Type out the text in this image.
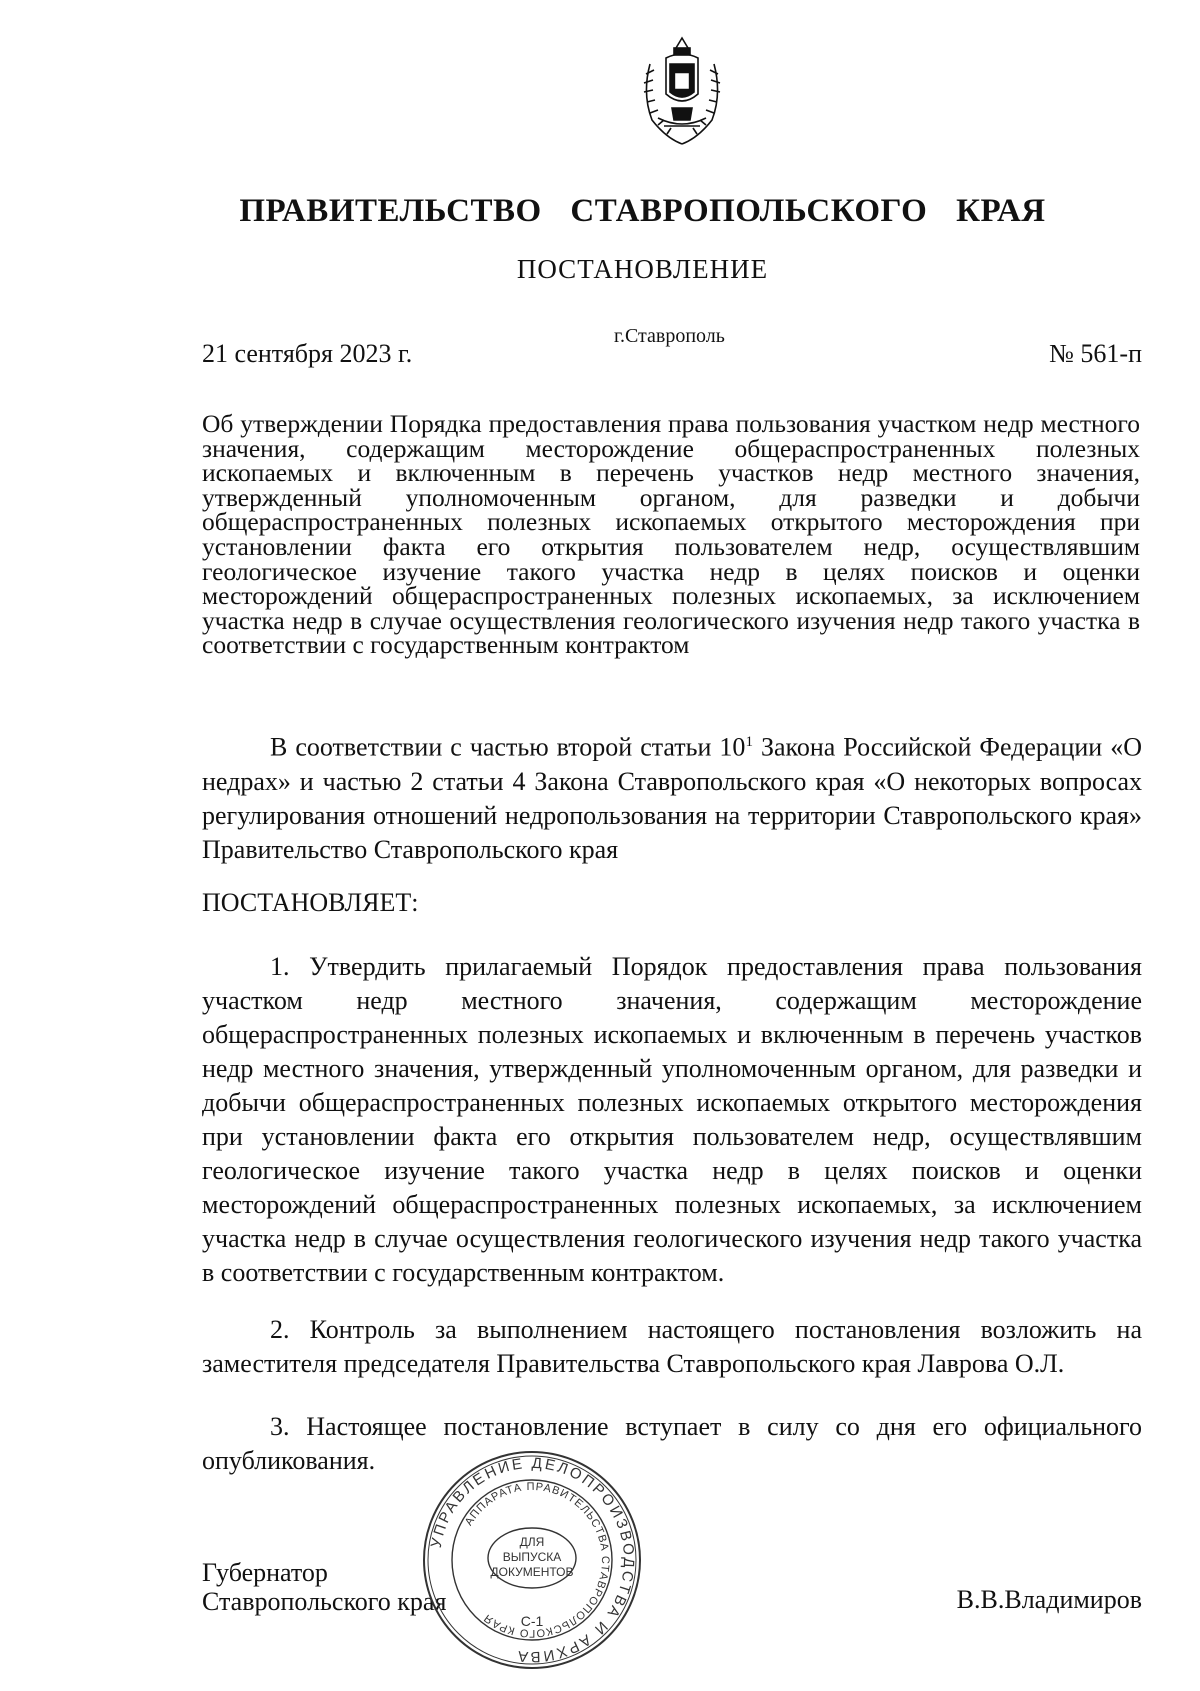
ПРАВИТЕЛЬСТВО СТАВРОПОЛЬСКОГО КРАЯ
ПОСТАНОВЛЕНИЕ
21 сентября 2023 г.
г.Ставрополь
№ 561-п
Об утверждении Порядка предоставления права пользования участком недр местного значения, содержащим месторождение общераспространенных полезных ископаемых и включенным в перечень участков недр местного значения, утвержденный уполномоченным органом, для разведки и добычи общераспространенных полезных ископаемых открытого месторождения при установлении факта его открытия пользователем недр, осуществлявшим геологическое изучение такого участка недр в целях поисков и оценки месторождений общераспространенных полезных ископаемых, за исключением участка недр в случае осуществления геологического изучения недр такого участка в соответствии с государственным контрактом
В соответствии с частью второй статьи $10^1$ Закона Российской Федерации «О недрах» и частью 2 статьи 4 Закона Ставропольского края «О некоторых вопросах регулирования отношений недропользования на территории Ставропольского края» Правительство Ставропольского края
ПОСТАНОВЛЯЕТ:
1. Утвердить прилагаемый Порядок предоставления права пользования участком недр местного значения, содержащим месторождение общераспространенных полезных ископаемых и включенным в перечень участков недр местного значения, утвержденный уполномоченным органом, для разведки и добычи общераспространенных полезных ископаемых открытого месторождения при установлении факта его открытия пользователем недр, осуществлявшим геологическое изучение такого участка недр в целях поисков и оценки месторождений общераспространенных полезных ископаемых, за исключением участка недр в случае осуществления геологического изучения недр такого участка в соответствии с государственным контрактом.
2. Контроль за выполнением настоящего постановления возложить на заместителя председателя Правительства Ставропольского края Лаврова О.Л.
3. Настоящее постановление вступает в силу со дня его официального опубликования.
Губернатор
Ставропольского края	В.В.Владимиров
УПРАВЛЕНИЕ ДЕЛОПРОИЗВОДСТВА И АРХИВА
АППАРАТА ПРАВИТЕЛЬСТВА СТАВРОПОЛЬСКОГО КРАЯ
ДЛЯ
ВЫПУСКА
ДОКУМЕНТОВ
С-1
